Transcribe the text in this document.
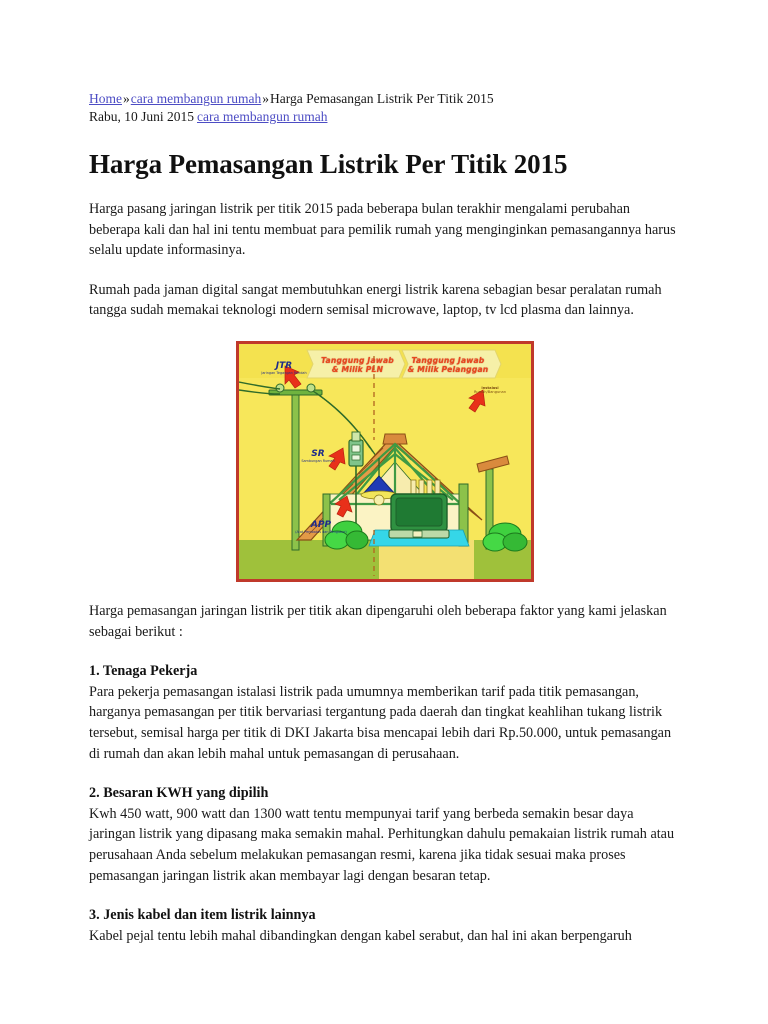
Home»cara membangun rumah»Harga Pemasangan Listrik Per Titik 2015
Rabu, 10 Juni 2015 cara membangun rumah
Harga Pemasangan Listrik Per Titik 2015

Harga pasang jaringan listrik per titik 2015 pada beberapa bulan terakhir mengalami perubahan beberapa kali dan hal ini tentu membuat para pemilik rumah yang menginginkan pemasangannya harus selalu update informasinya.

Rumah pada jaman digital sangat membutuhkan energi listrik karena sebagian besar peralatan rumah tangga sudah memakai teknologi modern semisal microwave, laptop, tv lcd plasma dan lainnya.

Tanggung Jawab
& Milik PLN
Tanggung Jawab
& Milik Pelanggan
JTR
Jaringan Tegangan Rendah
SR
Sambungan Rumah
APP
(Alat Pembatas dan Pengukur)
Instalasi
Rumah/Bangunan

Harga pemasangan jaringan listrik per titik akan dipengaruhi oleh beberapa faktor yang kami jelaskan sebagai berikut :

1. Tenaga Pekerja

Para pekerja pemasangan istalasi listrik pada umumnya memberikan tarif pada titik pemasangan, harganya pemasangan per titik bervariasi tergantung pada daerah dan tingkat keahlihan tukang listrik tersebut, semisal harga per titik di DKI Jakarta bisa mencapai lebih dari Rp.50.000, untuk pemasangan di rumah dan akan lebih mahal untuk pemasangan di perusahaan.

2. Besaran KWH yang dipilih

Kwh 450 watt, 900 watt dan 1300 watt tentu mempunyai tarif yang berbeda semakin besar daya jaringan listrik yang dipasang maka semakin mahal. Perhitungkan dahulu pemakaian listrik rumah atau perusahaan Anda sebelum melakukan pemasangan resmi, karena jika tidak sesuai maka proses pemasangan jaringan listrik akan membayar lagi dengan besaran tetap.

3. Jenis kabel dan item listrik lainnya

Kabel pejal tentu lebih mahal dibandingkan dengan kabel serabut, dan hal ini akan berpengaruh
